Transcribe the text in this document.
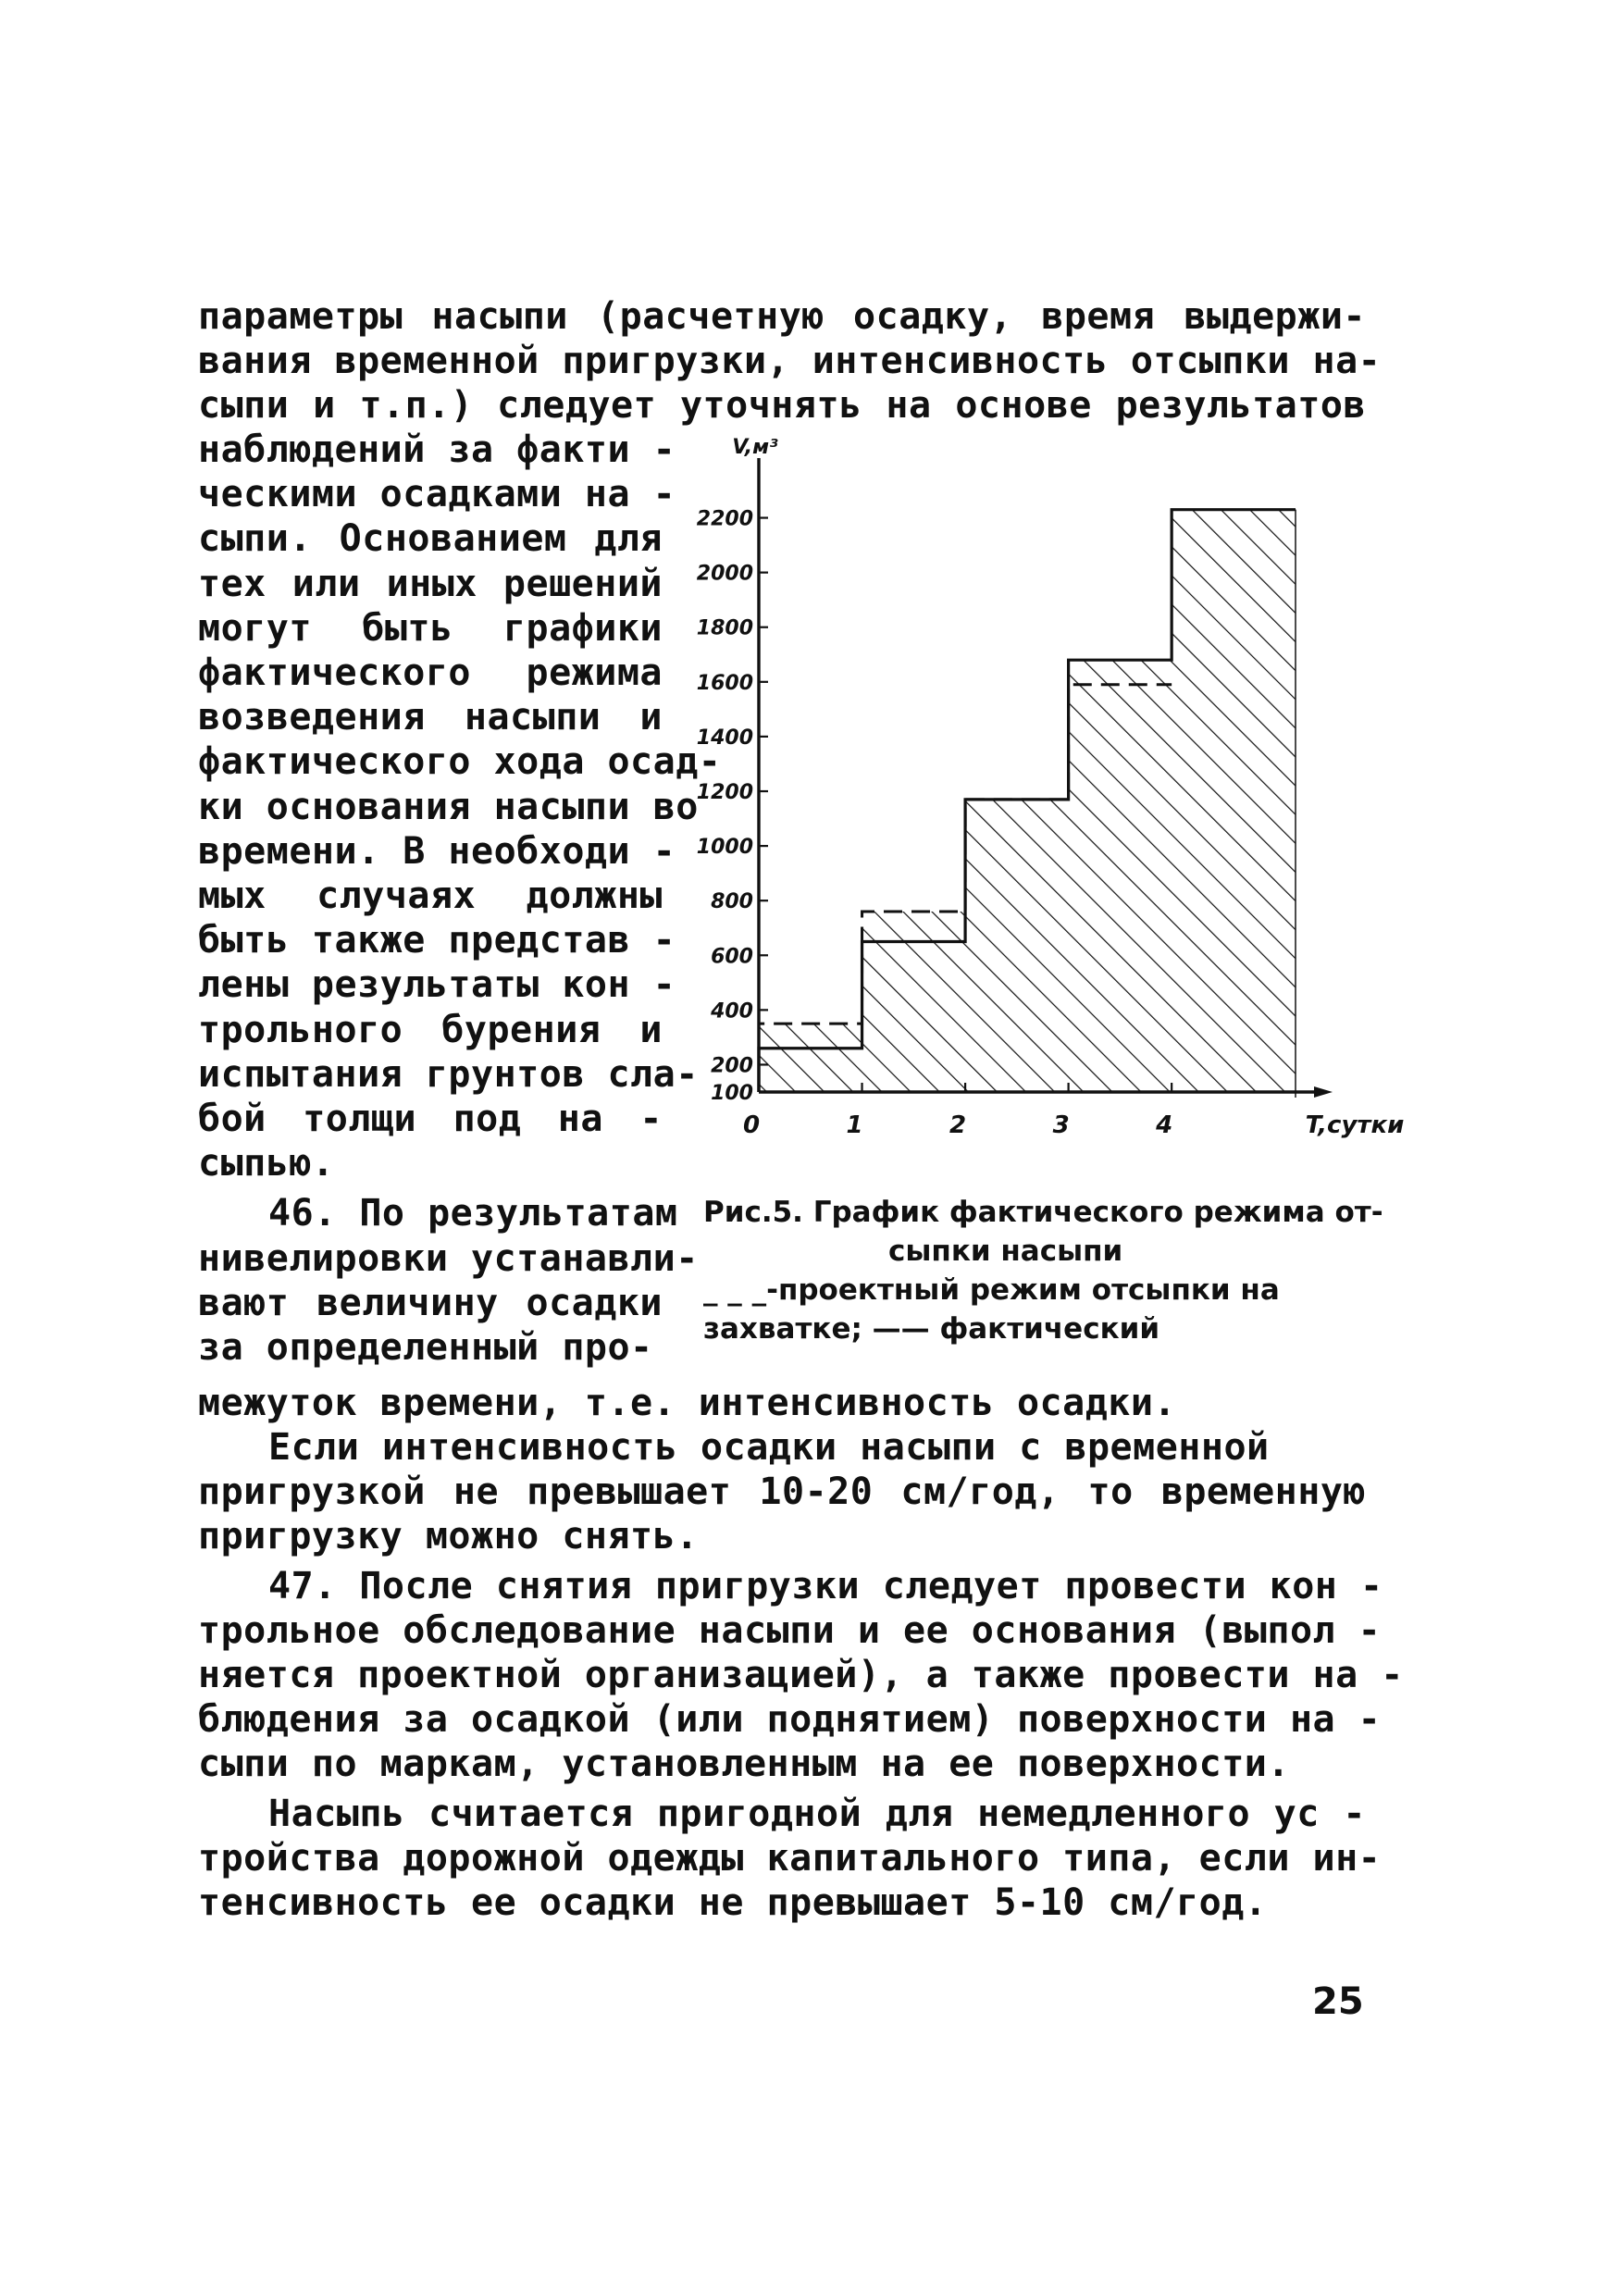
параметры насыпи (расчетную осадку, время выдержи-
вания временной пригрузки, интенсивность отсыпки на-
сыпи и т.п.) следует уточнять на основе результатов
наблюдений за факти -
ческими осадками на -
сыпи. Основанием для
тех или иных решений
могут быть графики
фактического режима
возведения насыпи и
фактического хода осад-
ки основания насыпи во
времени. В необходи -
мых случаях должны
быть также представ -
лены результаты кон -
трольного бурения и
испытания грунтов сла-
бой толщи под на -
сыпью.
46. По результатам
нивелировки устанавли-
вают величину осадки
за определенный про-
100
200
400
600
800
1000
1200
1400
1600
1800
2000
2200
V,м³
0	1	2	3	4	T,сутки
Рис.5. График фактического режима от-
сыпки насыпи
_ _ _-проектный режим отсыпки на
захватке; —— фактический
межуток времени, т.е. интенсивность осадки.
Если интенсивность осадки насыпи с временной
пригрузкой не превышает 10-20 см/год, то временную
пригрузку можно снять.
47. После снятия пригрузки следует провести кон -
трольное обследование насыпи и ее основания (выпол -
няется проектной организацией), а также провести на -
блюдения за осадкой (или поднятием) поверхности на -
сыпи по маркам, установленным на ее поверхности.
Насыпь считается пригодной для немедленного ус -
тройства дорожной одежды капитального типа, если ин-
тенсивность ее осадки не превышает 5-10 см/год.
25
